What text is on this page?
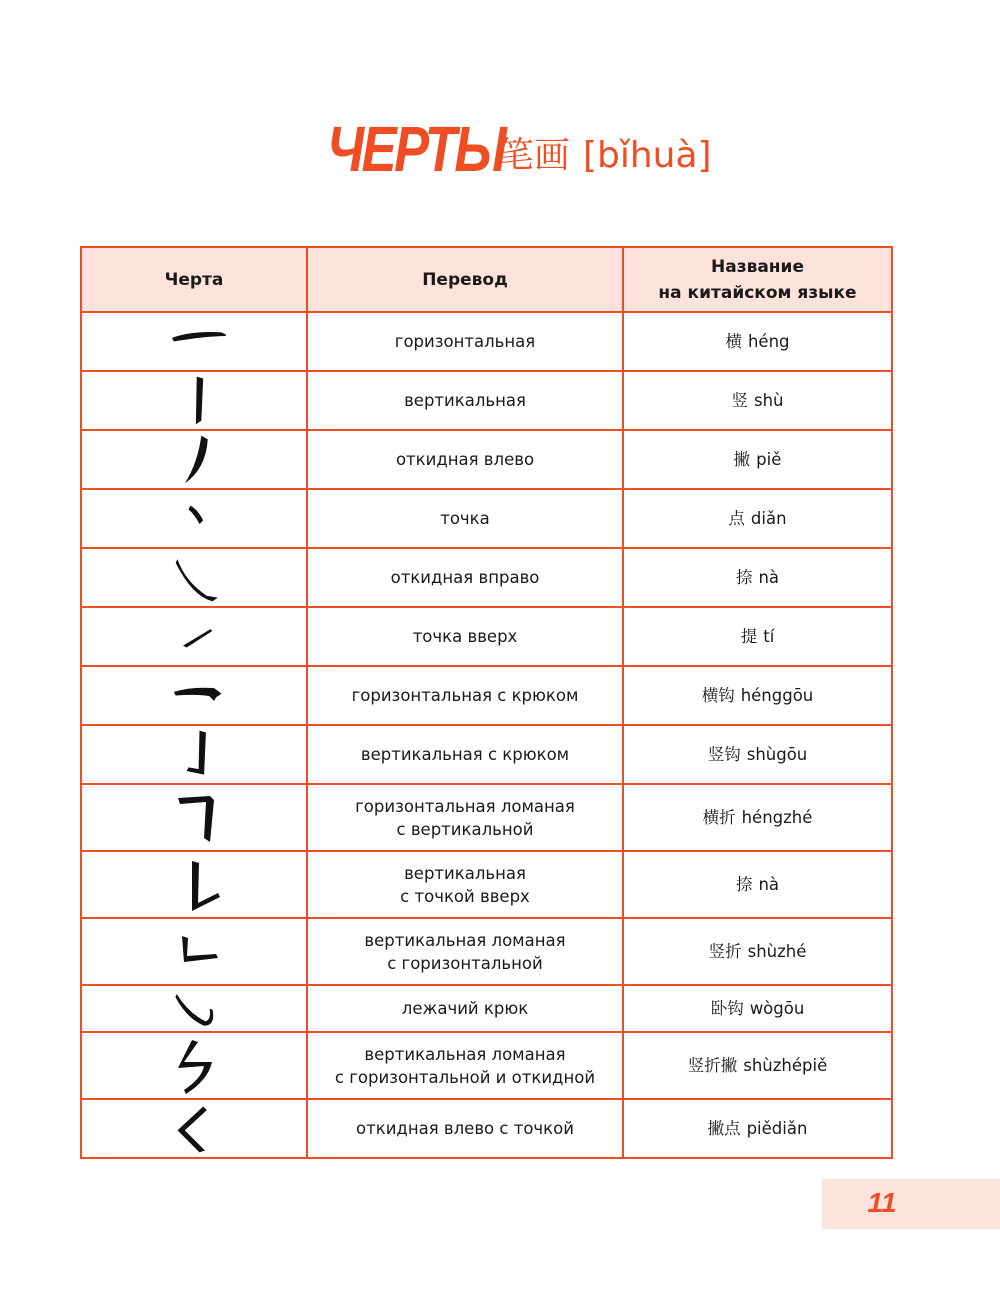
ЧЕРТЫ 笔画 [bǐhuà]
Черта	Перевод	Название
на китайском языке

	горизонтальная	横 héng

	вертикальная	竖 shù

	откидная влево	撇 piě

	точка	点 diǎn

	откидная вправо	捺 nà

	точка вверх	提 tí

	горизонтальная с крюком	横钩 hénggōu

	вертикальная с крюком	竖钩 shùgōu

	горизонтальная ломаная
с вертикальной	横折 héngzhé

	вертикальная
с точкой вверх	捺 nà

	вертикальная ломаная
с горизонтальной	竖折 shùzhé

	лежачий крюк	卧钩 wògōu

	вертикальная ломаная
с горизонтальной и откидной	竖折撇 shùzhépiě

	откидная влево с точкой	撇点 piědiǎn
11
